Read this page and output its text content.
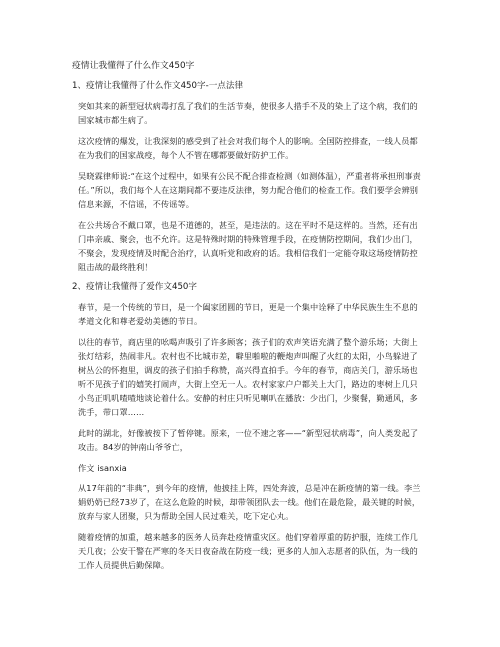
疫情让我懂得了什么作文450字
1、疫情让我懂得了什么作文450字-一点法律

突如其来的新型冠状病毒打乱了我们的生活节奏，使很多人措手不及的染上了这个病，我们的国家城市都生病了。

这次疫情的爆发，让我深刻的感受到了社会对我们每个人的影响。全国防控排查，一线人员都在为我们的国家战疫，每个人不管在哪都要做好防护工作。

吴晓霖律师说:“在这个过程中，如果有公民不配合排查检测（如测体温），严重者将承担刑事责任。”所以，我们每个人在这期间都不要违反法律，努力配合他们的检查工作。我们要学会辨别信息来源，不信谣，不传谣等。

在公共场合不戴口罩，也是不道德的，甚至，是违法的。这在平时不是这样的。当然，还有出门串亲戚、聚会，也不允许。这是特殊时期的特殊管理手段，在疫情防控期间，我们少出门，不聚会，发现疫情及时配合治疗，认真听党和政府的话。我相信我们一定能夺取这场疫情防控阻击战的最终胜利！

2、疫情让我懂得了爱作文450字

春节，是一个传统的节日，是一个阖家团圆的节日，更是一个集中诠释了中华民族生生不息的孝道文化和尊老爱幼美德的节日。

以往的春节，商店里的吆喝声吸引了许多顾客；孩子们的欢声笑语充满了整个游乐场；大街上张灯结彩，热闹非凡。农村也不比城市差，噼里啪啦的鞭炮声叫醒了火红的太阳，小鸟躲进了树丛公的怀抱里，调皮的孩子们拍手称赞，高兴得直拍手。今年的春节，商店关门，游乐场也听不见孩子们的嬉笑打闹声，大街上空无一人。农村家家户户都关上大门，路边的枣树上几只小鸟正叽叽喳喳地谈论着什么。安静的村庄只听见喇叭在播放：少出门，少聚餐，勤通风，多洗手，带口罩……

此时的湖北，好像被按下了暂停键。原来，一位不速之客——“新型冠状病毒”，向人类发起了攻击。84岁的钟南山爷爷亡，

作文 isanxia

从17年前的“非典”，到今年的疫情，他披挂上阵，四处奔波，总是冲在新疫情的第一线。李兰娟奶奶已经73岁了，在这么危险的时候，却带领团队去一线。他们在最危险，最关键的时候，放弃与家人团聚，只为帮助全国人民过难关，吃下定心丸。

随着疫情的加重，越来越多的医务人员奔赴疫情重灾区。他们穿着厚重的防护服，连续工作几天几夜；公安干警在严寒的冬天日夜奋战在防疫一线；更多的人加入志愿者的队伍，为一线的工作人员提供后勤保障。
